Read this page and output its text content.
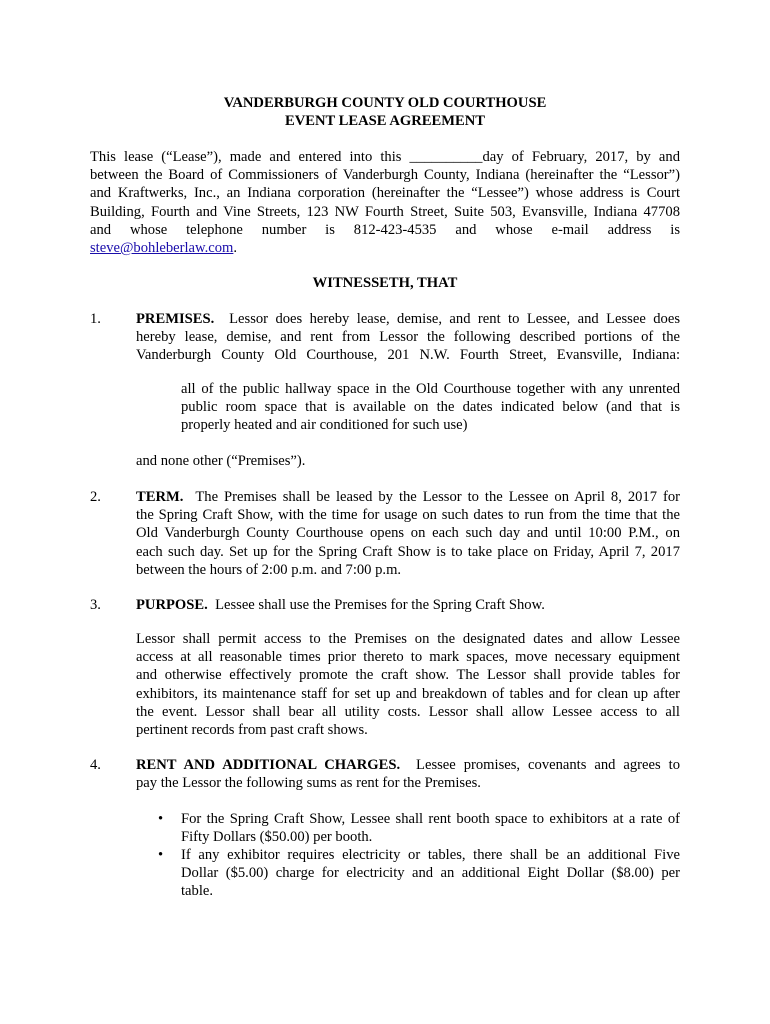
VANDERBURGH COUNTY OLD COURTHOUSE
EVENT LEASE AGREEMENT
This lease (“Lease”), made and entered into this __________day of February, 2017, by and
between the Board of Commissioners of Vanderburgh County, Indiana (hereinafter the “Lessor”)
and Kraftwerks, Inc., an Indiana corporation (hereinafter the “Lessee”) whose address is Court
Building, Fourth and Vine Streets, 123 NW Fourth Street, Suite 503, Evansville, Indiana 47708
and whose telephone number is 812-423-4535 and whose e-mail address is
steve@bohleberlaw.com.
WITNESSETH, THAT
1. PREMISES. Lessor does hereby lease, demise, and rent to Lessee, and Lessee does
hereby lease, demise, and rent from Lessor the following described portions of the
Vanderburgh County Old Courthouse, 201 N.W. Fourth Street, Evansville, Indiana:
all of the public hallway space in the Old Courthouse together with any unrented
public room space that is available on the dates indicated below (and that is
properly heated and air conditioned for such use)
and none other (“Premises”).
2. TERM. The Premises shall be leased by the Lessor to the Lessee on April 8, 2017 for
the Spring Craft Show, with the time for usage on such dates to run from the time that the
Old Vanderburgh County Courthouse opens on each such day and until 10:00 P.M., on
each such day. Set up for the Spring Craft Show is to take place on Friday, April 7, 2017
between the hours of 2:00 p.m. and 7:00 p.m.
3. PURPOSE. Lessee shall use the Premises for the Spring Craft Show.
Lessor shall permit access to the Premises on the designated dates and allow Lessee
access at all reasonable times prior thereto to mark spaces, move necessary equipment
and otherwise effectively promote the craft show. The Lessor shall provide tables for
exhibitors, its maintenance staff for set up and breakdown of tables and for clean up after
the event. Lessor shall bear all utility costs. Lessor shall allow Lessee access to all
pertinent records from past craft shows.
4. RENT AND ADDITIONAL CHARGES. Lessee promises, covenants and agrees to
pay the Lessor the following sums as rent for the Premises.
• For the Spring Craft Show, Lessee shall rent booth space to exhibitors at a rate of
Fifty Dollars ($50.00) per booth.
• If any exhibitor requires electricity or tables, there shall be an additional Five
Dollar ($5.00) charge for electricity and an additional Eight Dollar ($8.00) per
table.
